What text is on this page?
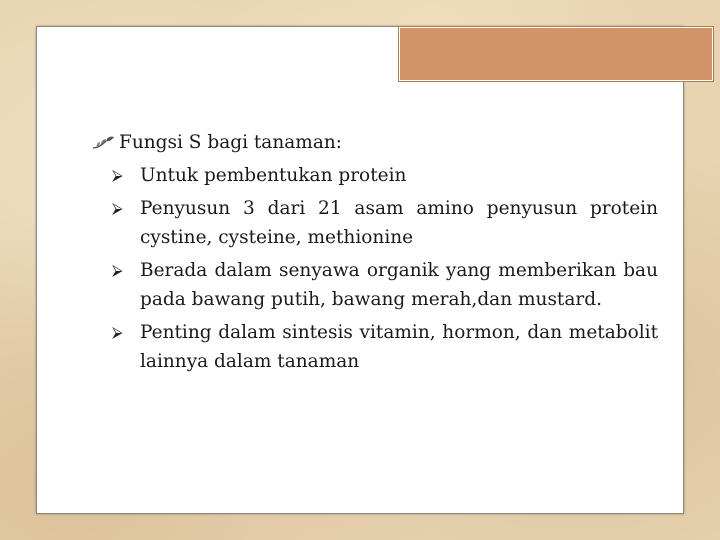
Fungsi S bagi tanaman:
⮚ Untuk pembentukan protein
⮚ Penyusun 3 dari 21 asam amino penyusun protein cystine, cysteine, methionine
⮚ Berada dalam senyawa organik yang memberikan bau pada bawang putih, bawang merah,dan mustard.
⮚ Penting dalam sintesis vitamin, hormon, dan metabolit lainnya dalam tanaman
